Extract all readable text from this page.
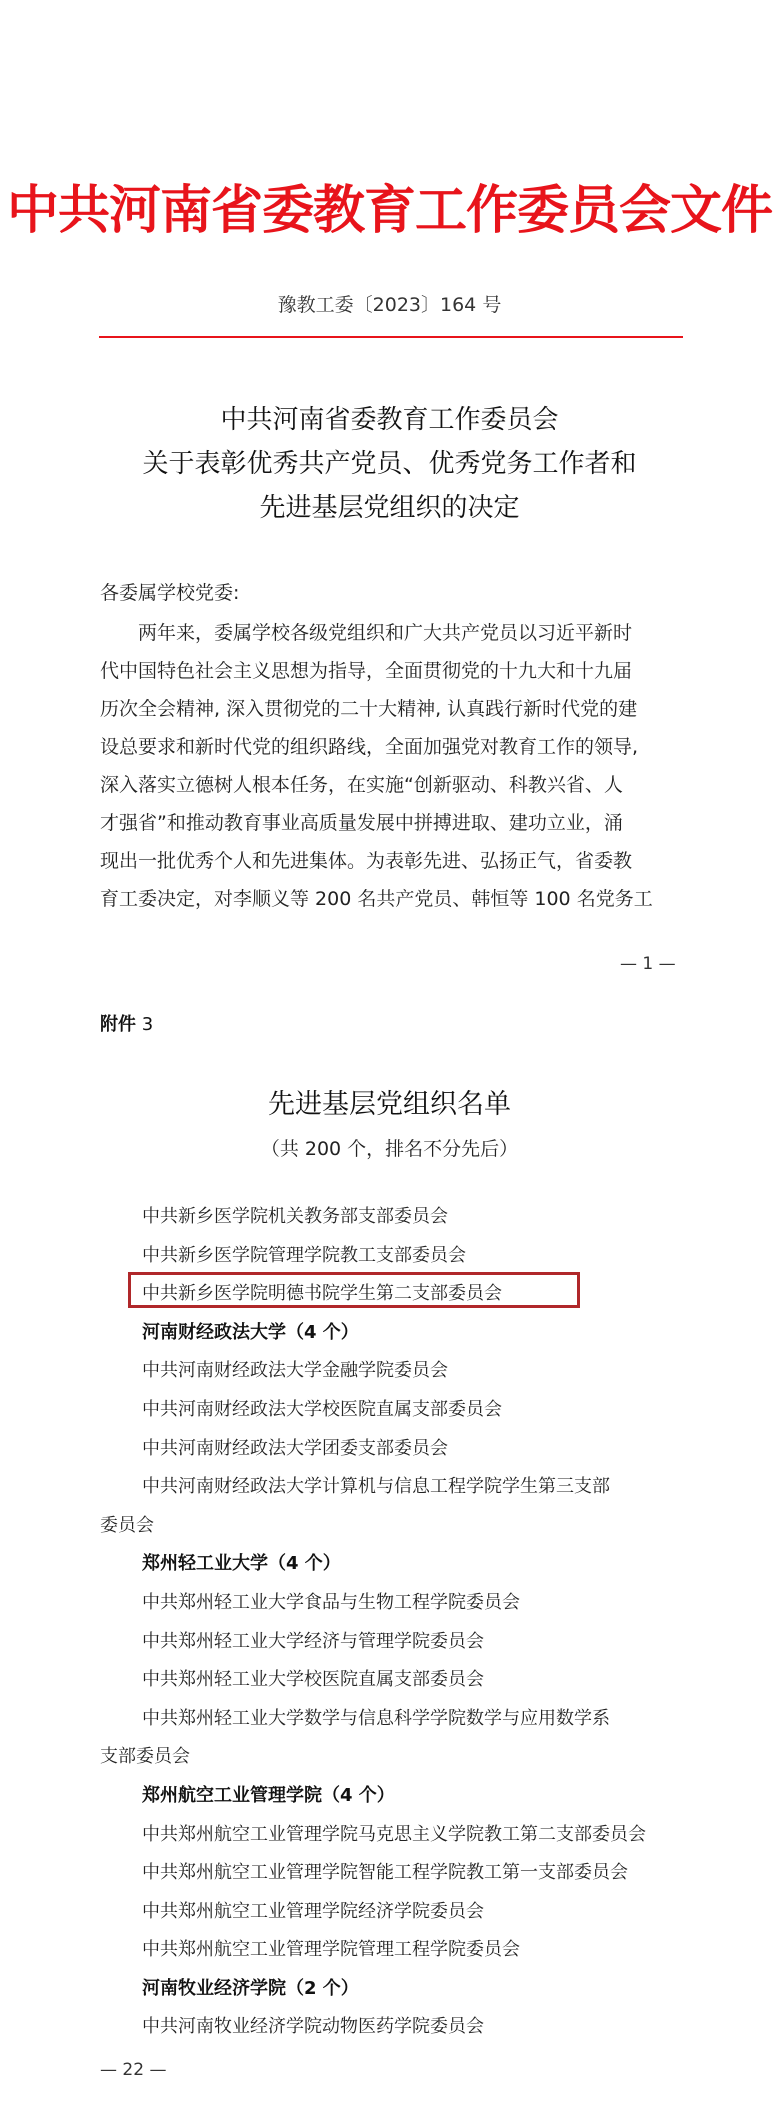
中共河南省委教育工作委员会文件
豫教工委〔2023〕164 号
中共河南省委教育工作委员会
关于表彰优秀共产党员、优秀党务工作者和
先进基层党组织的决定
各委属学校党委:
　　两年来，委属学校各级党组织和广大共产党员以习近平新时
代中国特色社会主义思想为指导，全面贯彻党的十九大和十九届
历次全会精神, 深入贯彻党的二十大精神, 认真践行新时代党的建
设总要求和新时代党的组织路线，全面加强党对教育工作的领导,
深入落实立德树人根本任务，在实施“创新驱动、科教兴省、人
才强省”和推动教育事业高质量发展中拼搏进取、建功立业，涌
现出一批优秀个人和先进集体。为表彰先进、弘扬正气，省委教
育工委决定，对李顺义等 200 名共产党员、韩恒等 100 名党务工
— 1 —
附件 3
先进基层党组织名单
（共 200 个，排名不分先后）
中共新乡医学院机关教务部支部委员会
中共新乡医学院管理学院教工支部委员会
中共新乡医学院明德书院学生第二支部委员会
河南财经政法大学（4 个）
中共河南财经政法大学金融学院委员会
中共河南财经政法大学校医院直属支部委员会
中共河南财经政法大学团委支部委员会
中共河南财经政法大学计算机与信息工程学院学生第三支部
委员会
郑州轻工业大学（4 个）
中共郑州轻工业大学食品与生物工程学院委员会
中共郑州轻工业大学经济与管理学院委员会
中共郑州轻工业大学校医院直属支部委员会
中共郑州轻工业大学数学与信息科学学院数学与应用数学系
支部委员会
郑州航空工业管理学院（4 个）
中共郑州航空工业管理学院马克思主义学院教工第二支部委员会
中共郑州航空工业管理学院智能工程学院教工第一支部委员会
中共郑州航空工业管理学院经济学院委员会
中共郑州航空工业管理学院管理工程学院委员会
河南牧业经济学院（2 个）
中共河南牧业经济学院动物医药学院委员会
— 22 —
